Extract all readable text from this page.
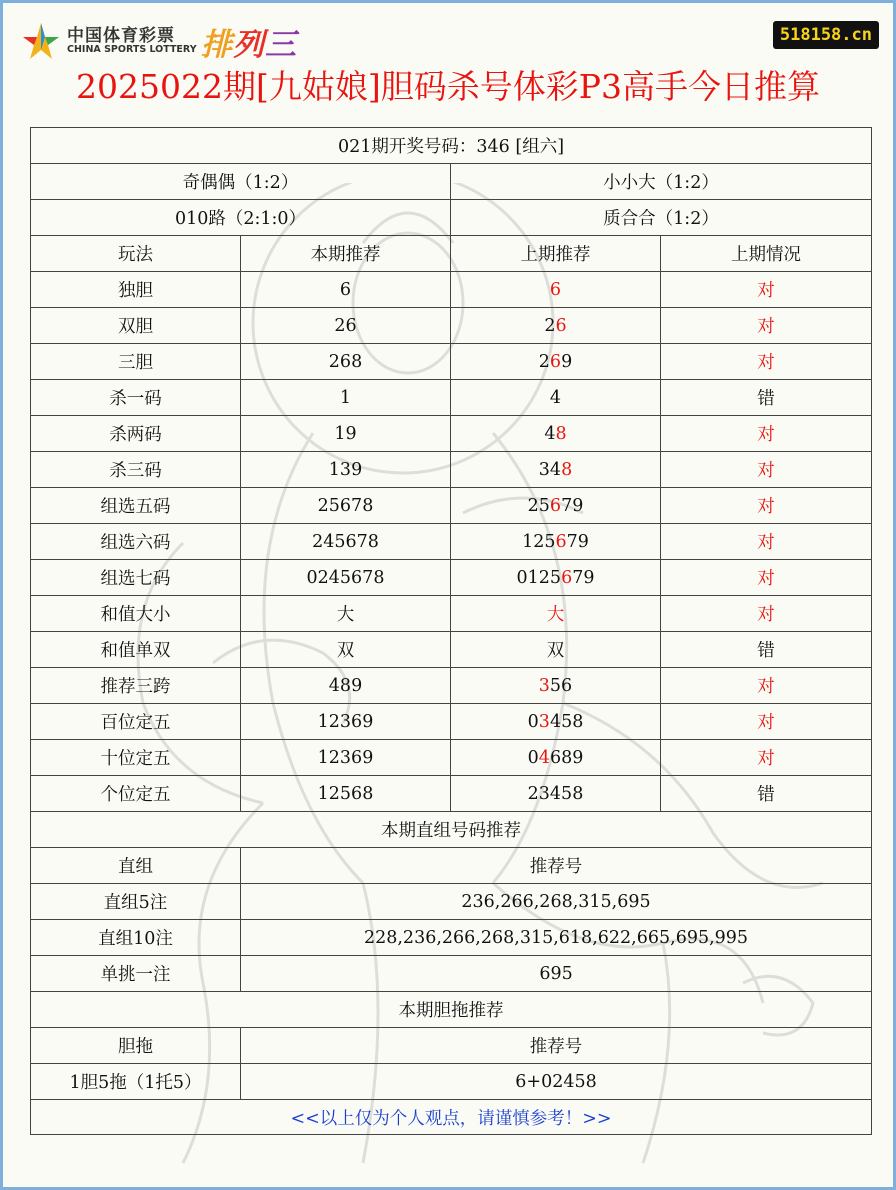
中国体育彩票
CHINA SPORTS LOTTERY 排列三	518158.cn
2025022期[九姑娘]胆码杀号体彩P3高手今日推算
021期开奖号码：346 [组六]			
奇偶偶（1:2）		小小大（1:2）	
010路（2:1:0）		质合合（1:2）	
玩法	本期推荐	上期推荐	上期情况
独胆	6	6	对
双胆	26	26	对
三胆	268	269	对
杀一码	1	4	错
杀两码	19	48	对
杀三码	139	348	对
组选五码	25678	25679	对
组选六码	245678	125679	对
组选七码	0245678	0125679	对
和值大小	大	大	对
和值单双	双	双	错
推荐三跨	489	356	对
百位定五	12369	03458	对
十位定五	12369	04689	对
个位定五	12568	23458	错
本期直组号码推荐			
直组	推荐号		
直组5注	236,266,268,315,695		
直组10注	228,236,266,268,315,618,622,665,695,995		
单挑一注	695		
本期胆拖推荐			
胆拖	推荐号		
1胆5拖（1托5）	6+02458		
<<以上仅为个人观点，请谨慎参考！>>			
